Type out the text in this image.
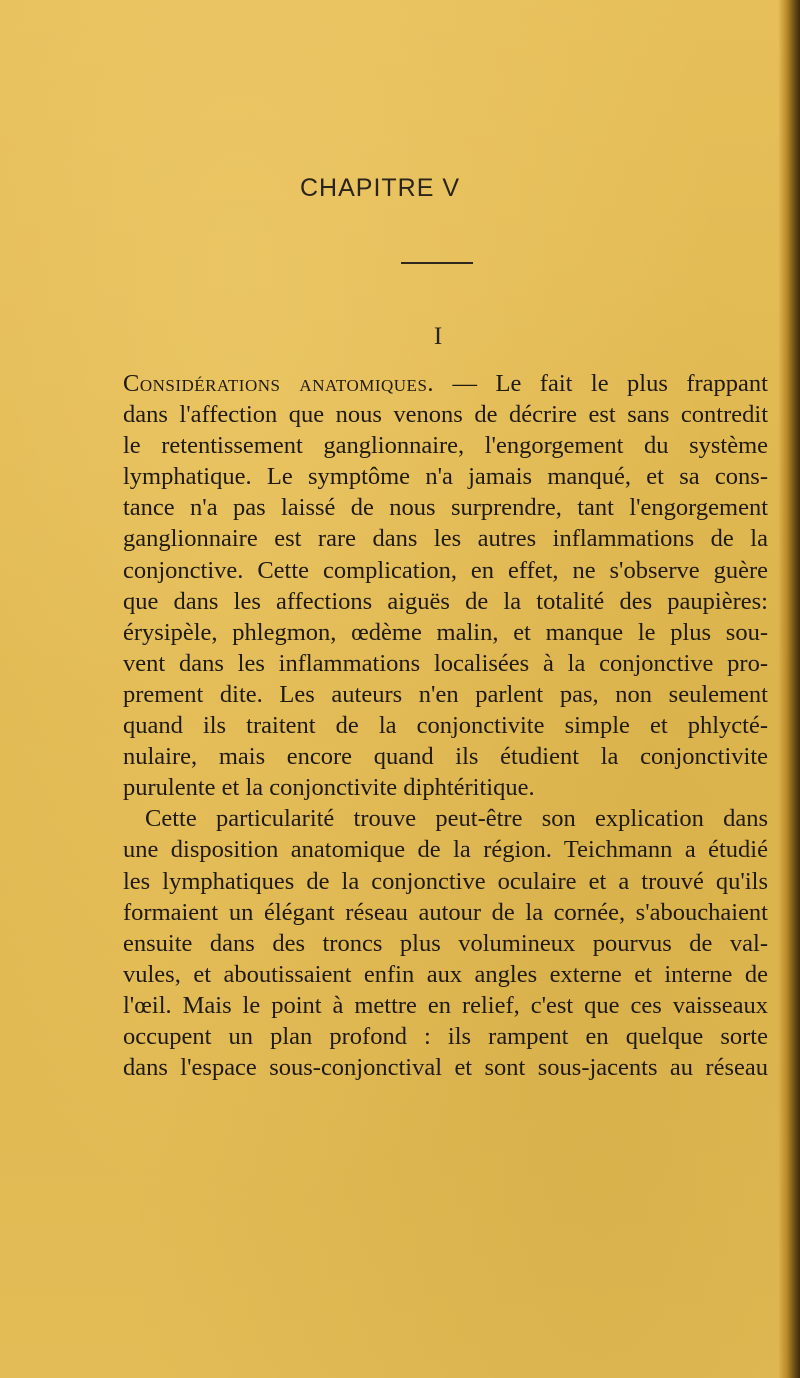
CHAPITRE V
I
Considérations anatomiques. — Le fait le plus frappant
dans l'affection que nous venons de décrire est sans contredit
le retentissement ganglionnaire, l'engorgement du système
lymphatique. Le symptôme n'a jamais manqué, et sa cons-
tance n'a pas laissé de nous surprendre, tant l'engorgement
ganglionnaire est rare dans les autres inflammations de la
conjonctive. Cette complication, en effet, ne s'observe guère
que dans les affections aiguës de la totalité des paupières:
érysipèle, phlegmon, œdème malin, et manque le plus sou-
vent dans les inflammations localisées à la conjonctive pro-
prement dite. Les auteurs n'en parlent pas, non seulement
quand ils traitent de la conjonctivite simple et phlycté-
nulaire, mais encore quand ils étudient la conjonctivite
purulente et la conjonctivite diphtéritique.
Cette particularité trouve peut-être son explication dans
une disposition anatomique de la région. Teichmann a étudié
les lymphatiques de la conjonctive oculaire et a trouvé qu'ils
formaient un élégant réseau autour de la cornée, s'abouchaient
ensuite dans des troncs plus volumineux pourvus de val-
vules, et aboutissaient enfin aux angles externe et interne de
l'œil. Mais le point à mettre en relief, c'est que ces vaisseaux
occupent un plan profond : ils rampent en quelque sorte
dans l'espace sous-conjonctival et sont sous-jacents au réseau
